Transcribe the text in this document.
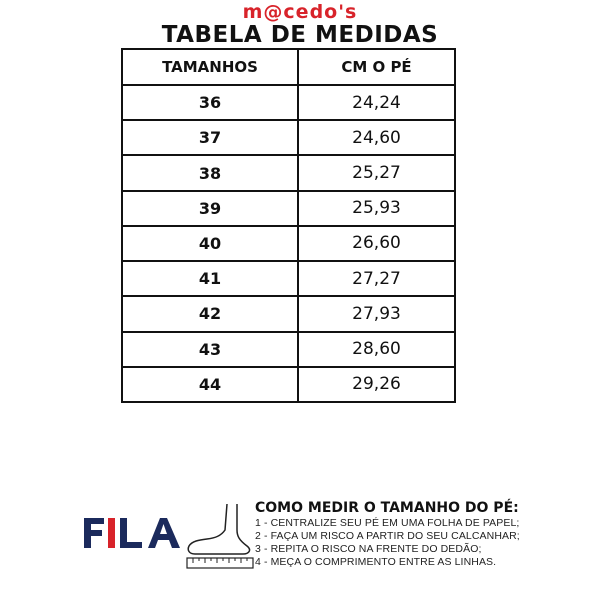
m@cedo's
TABELA DE MEDIDAS
TAMANHOS	CM O PÉ
36	24,24
37	24,60
38	25,27
39	25,93
40	26,60
41	27,27
42	27,93
43	28,60
44	29,26
COMO MEDIR O TAMANHO DO PÉ:
1 - CENTRALIZE SEU PÉ EM UMA FOLHA DE PAPEL;
2 - FAÇA UM RISCO A PARTIR DO SEU CALCANHAR;
3 - REPITA O RISCO NA FRENTE DO DEDÃO;
4 - MEÇA O COMPRIMENTO ENTRE AS LINHAS.
